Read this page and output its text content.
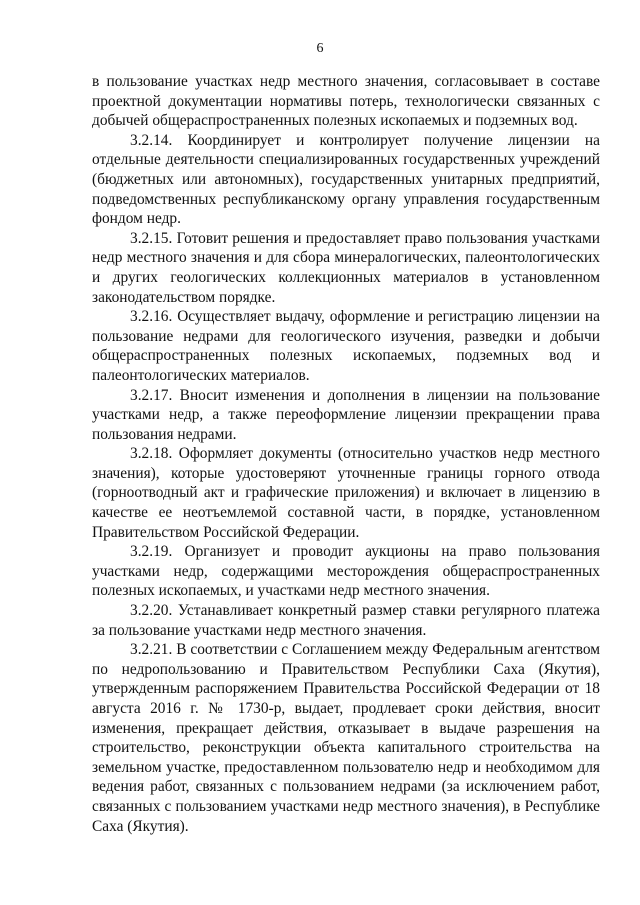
6

в пользование участках недр местного значения, согласовывает в составе проектной документации нормативы потерь, технологически связанных с добычей общераспространенных полезных ископаемых и подземных вод.

3.2.14. Координирует и контролирует получение лицензии на отдельные деятельности специализированных государственных учреждений (бюджетных или автономных), государственных унитарных предприятий, подведомственных республиканскому органу управления государственным фондом недр.

3.2.15. Готовит решения и предоставляет право пользования участками недр местного значения и для сбора минералогических, палеонтологических и других геологических коллекционных материалов в установленном законодательством порядке.

3.2.16. Осуществляет выдачу, оформление и регистрацию лицензии на пользование недрами для геологического изучения, разведки и добычи общераспространенных полезных ископаемых, подземных вод и палеонтологических материалов.

3.2.17. Вносит изменения и дополнения в лицензии на пользование участками недр, а также переоформление лицензии прекращении права пользования недрами.

3.2.18. Оформляет документы (относительно участков недр местного значения), которые удостоверяют уточненные границы горного отвода (горноотводный акт и графические приложения) и включает в лицензию в качестве ее неотъемлемой составной части, в порядке, установленном Правительством Российской Федерации.

3.2.19. Организует и проводит аукционы на право пользования участками недр, содержащими месторождения общераспространенных полезных ископаемых, и участками недр местного значения.

3.2.20. Устанавливает конкретный размер ставки регулярного платежа за пользование участками недр местного значения.

3.2.21. В соответствии с Соглашением между Федеральным агентством по недропользованию и Правительством Республики Саха (Якутия), утвержденным распоряжением Правительства Российской Федерации от 18 августа 2016 г. № 1730-р, выдает, продлевает сроки действия, вносит изменения, прекращает действия, отказывает в выдаче разрешения на строительство, реконструкции объекта капитального строительства на земельном участке, предоставленном пользователю недр и необходимом для ведения работ, связанных с пользованием недрами (за исключением работ, связанных с пользованием участками недр местного значения), в Республике Саха (Якутия).
